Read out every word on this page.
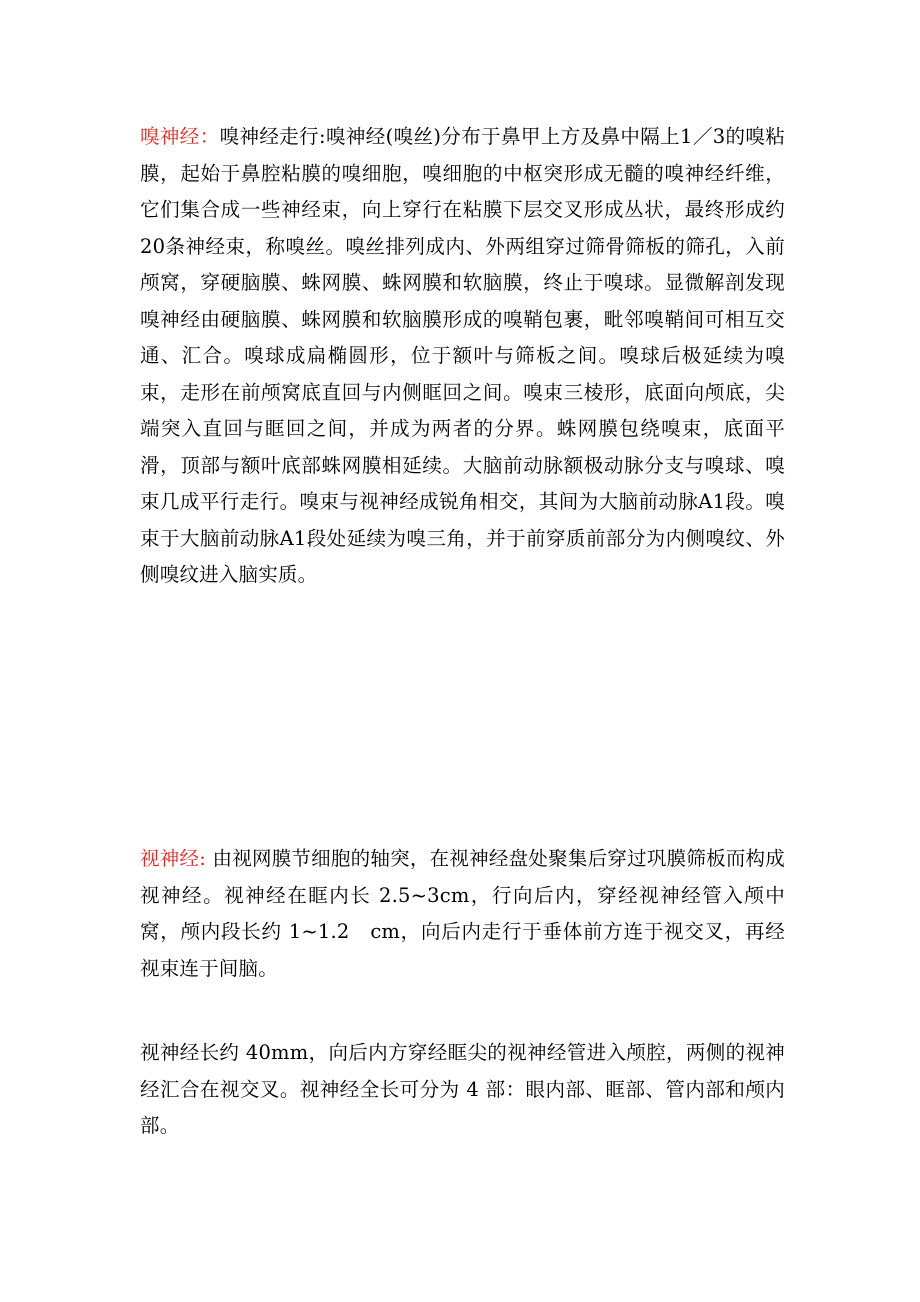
嗅神经：嗅神经走行:嗅神经(嗅丝)分布于鼻甲上方及鼻中隔上1／3的嗅粘膜，起始于鼻腔粘膜的嗅细胞，嗅细胞的中枢突形成无髓的嗅神经纤维，它们集合成一些神经束，向上穿行在粘膜下层交叉形成丛状，最终形成约20条神经束，称嗅丝。嗅丝排列成内、外两组穿过筛骨筛板的筛孔，入前颅窝，穿硬脑膜、蛛网膜、蛛网膜和软脑膜，终止于嗅球。显微解剖发现嗅神经由硬脑膜、蛛网膜和软脑膜形成的嗅鞘包裹，毗邻嗅鞘间可相互交通、汇合。嗅球成扁椭圆形，位于额叶与筛板之间。嗅球后极延续为嗅束，走形在前颅窝底直回与内侧眶回之间。嗅束三棱形，底面向颅底，尖端突入直回与眶回之间，并成为两者的分界。蛛网膜包绕嗅束，底面平滑，顶部与额叶底部蛛网膜相延续。大脑前动脉额极动脉分支与嗅球、嗅束几成平行走行。嗅束与视神经成锐角相交，其间为大脑前动脉A1段。嗅束于大脑前动脉A1段处延续为嗅三角，并于前穿质前部分为内侧嗅纹、外侧嗅纹进入脑实质。

视神经: 由视网膜节细胞的轴突，在视神经盘处聚集后穿过巩膜筛板而构成视神经。视神经在眶内长 2.5~3cm，行向后内，穿经视神经管入颅中窝，颅内段长约 1~1.2　cm，向后内走行于垂体前方连于视交叉，再经视束连于间脑。

视神经长约 40mm，向后内方穿经眶尖的视神经管进入颅腔，两侧的视神经汇合在视交叉。视神经全长可分为 4 部：眼内部、眶部、管内部和颅内部。
